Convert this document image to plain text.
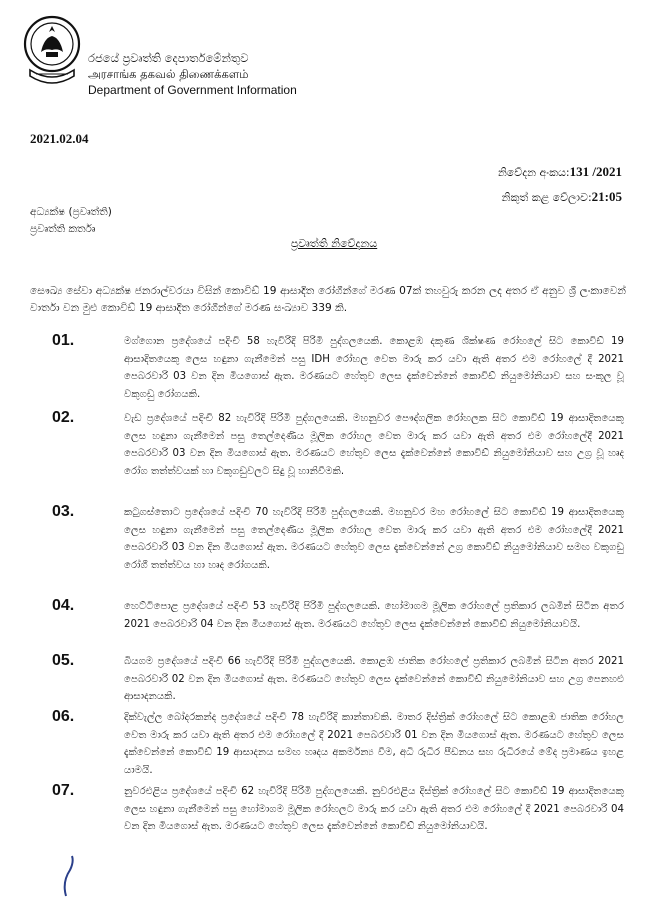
රජයේ ප්‍රවෘත්ති දෙපාර්තමේන්තුව
அரசாங்க தகவல் திணைக்களம்
Department of Government Information
2021.02.04
නිවේදන අංකය:131 /2021
නිකුත් කළ වේලාව:21:05
අධ්‍යක්ෂ (ප්‍රවෘත්ති)
ප්‍රවෘත්ති කර්තෘ
ප්‍රවෘත්ති නිවේදනය
සෞඛ්‍ය සේවා අධ්‍යක්ෂ ජනරාල්වරයා විසින් කොවිඩ් 19 ආසාදිත රෝගීන්ගේ මරණ 07ක් තහවුරු කරන ලද අතර ඒ අනුව ශ්‍රී ලංකාවෙන් වාර්තා වන මුළු කොවිඩ් 19 ආසාදිත රෝගීන්ගේ මරණ සංඛ්‍යාව 339 කි.
01.	මග්ගොන ප්‍රදේශයේ පදිංචි 58 හැවිරිදි පිරිමි පුද්ගලයෙකි. කොළඹ දකුණ ශික්ෂණ රෝහලේ සිට කොවිඩ් 19 ආසාදිතයෙකු ලෙස හඳුනා ගැනීමෙන් පසු IDH රෝහල වෙත මාරු කර යවා ඇති අතර එම රෝහලේ දී 2021 පෙබරවාරි 03 වන දින මියගොස් ඇත. මරණයට හේතුව ලෙස දැක්වෙන්නේ කොවිඩ් නියුමෝනියාව සහ සංකූල වූ වකුගඩු රෝගයකි.
02.	වැඩ ප්‍රදේශයේ පදිංචි 82 හැවිරිදි පිරිමි පුද්ගලයෙකි. මහනුවර පෞද්ගලික රෝහලක සිට කොවිඩ් 19 ආසාදිතයෙකු ලෙස හඳුනා ගැනීමෙන් පසු තෙල්දෙණිය මූලික රෝහල වෙත මාරු කර යවා ඇති අතර එම රෝහලේදී 2021 පෙබරවාරි 03 වන දින මියගොස් ඇත. මරණයට හේතුව ලෙස දැක්වෙන්නේ කොවිඩ් නියුමෝනියාව සහ උග්‍ර වූ හෘද රෝග තත්ත්වයක් හා වකුගඩුවලට සිදු වූ හානිවීමකි.
03.	කටුගස්තොට ප්‍රදේශයේ පදිංචි 70 හැවිරිදි පිරිමි පුද්ගලයෙකි. මහනුවර මහ රෝහලේ සිට කොවිඩ් 19 ආසාදිතයෙකු ලෙස හඳුනා ගැනීමෙන් පසු තෙල්දෙණිය මූලික රෝහල වෙත මාරු කර යවා ඇති අතර එම රෝහලේදී 2021 පෙබරවාරි 03 වන දින මියගොස් ඇත. මරණයට හේතුව ලෙස දැක්වෙන්නේ උග්‍ර කොවිඩ් නියුමෝනියාව සමඟ වකුගඩු රෝගී තත්ත්වය හා හෘද රෝගයකි.
04.	හෙට්ටිපොළ ප්‍රදේශයේ පදිංචි 53 හැවිරිදි පිරිමි පුද්ගලයෙකි. හෝමාගම මූලික රෝහලේ ප්‍රතිකාර ලබමින් සිටින අතර 2021 පෙබරවාරි 04 වන දින මියගොස් ඇත. මරණයට හේතුව ලෙස දැක්වෙන්නේ කොවිඩ් නියුමෝනියාවයි.
05.	බියගම ප්‍රදේශයේ පදිංචි 66 හැවිරිදි පිරිමි පුද්ගලයෙකි. කොළඹ ජාතික රෝහලේ ප්‍රතිකාර ලබමින් සිටින අතර 2021 පෙබරවාරි 02 වන දින මියගොස් ඇත. මරණයට හේතුව ලෙස දැක්වෙන්නේ කොවිඩ් නියුමෝනියාව සහ උග්‍ර පෙනහළු ආසාදනයකි.
06.	දික්වැල්ල බෝදරකන්ද ප්‍රදේශයේ පදිංචි 78 හැවිරිදි කාන්තාවකි. මාතර දිස්ත්‍රික් රෝහලේ සිට කොළඹ ජාතික රෝහල වෙත මාරු කර යවා ඇති අතර එම රෝහලේ දී 2021 පෙබරවාරි 01 වන දින මියගොස් ඇත. මරණයට හේතුව ලෙස දැක්වෙන්නේ කොවිඩ් 19 ආසාදනය සමඟ හෘදය අකර්මන්‍ය වීම, අධි රුධිර පීඩනය සහ රුධිරයේ මේද ප්‍රමාණය ඉහළ යාමයි.
07.	නුවරඑළිය ප්‍රදේශයේ පදිංචි 62 හැවිරිදි පිරිමි පුද්ගලයෙකි. නුවරඑළිය දිස්ත්‍රික් රෝහලේ සිට කොවිඩ් 19 ආසාදිතයෙකු ලෙස හඳුනා ගැනීමෙන් පසු හෝමාගම මූලික රෝහලට මාරු කර යවා ඇති අතර එම රෝහලේ දී 2021 පෙබරවාරි 04 වන දින මියගොස් ඇත. මරණයට හේතුව ලෙස දැක්වෙන්නේ කොවිඩ් නියුමෝනියාවයි.
